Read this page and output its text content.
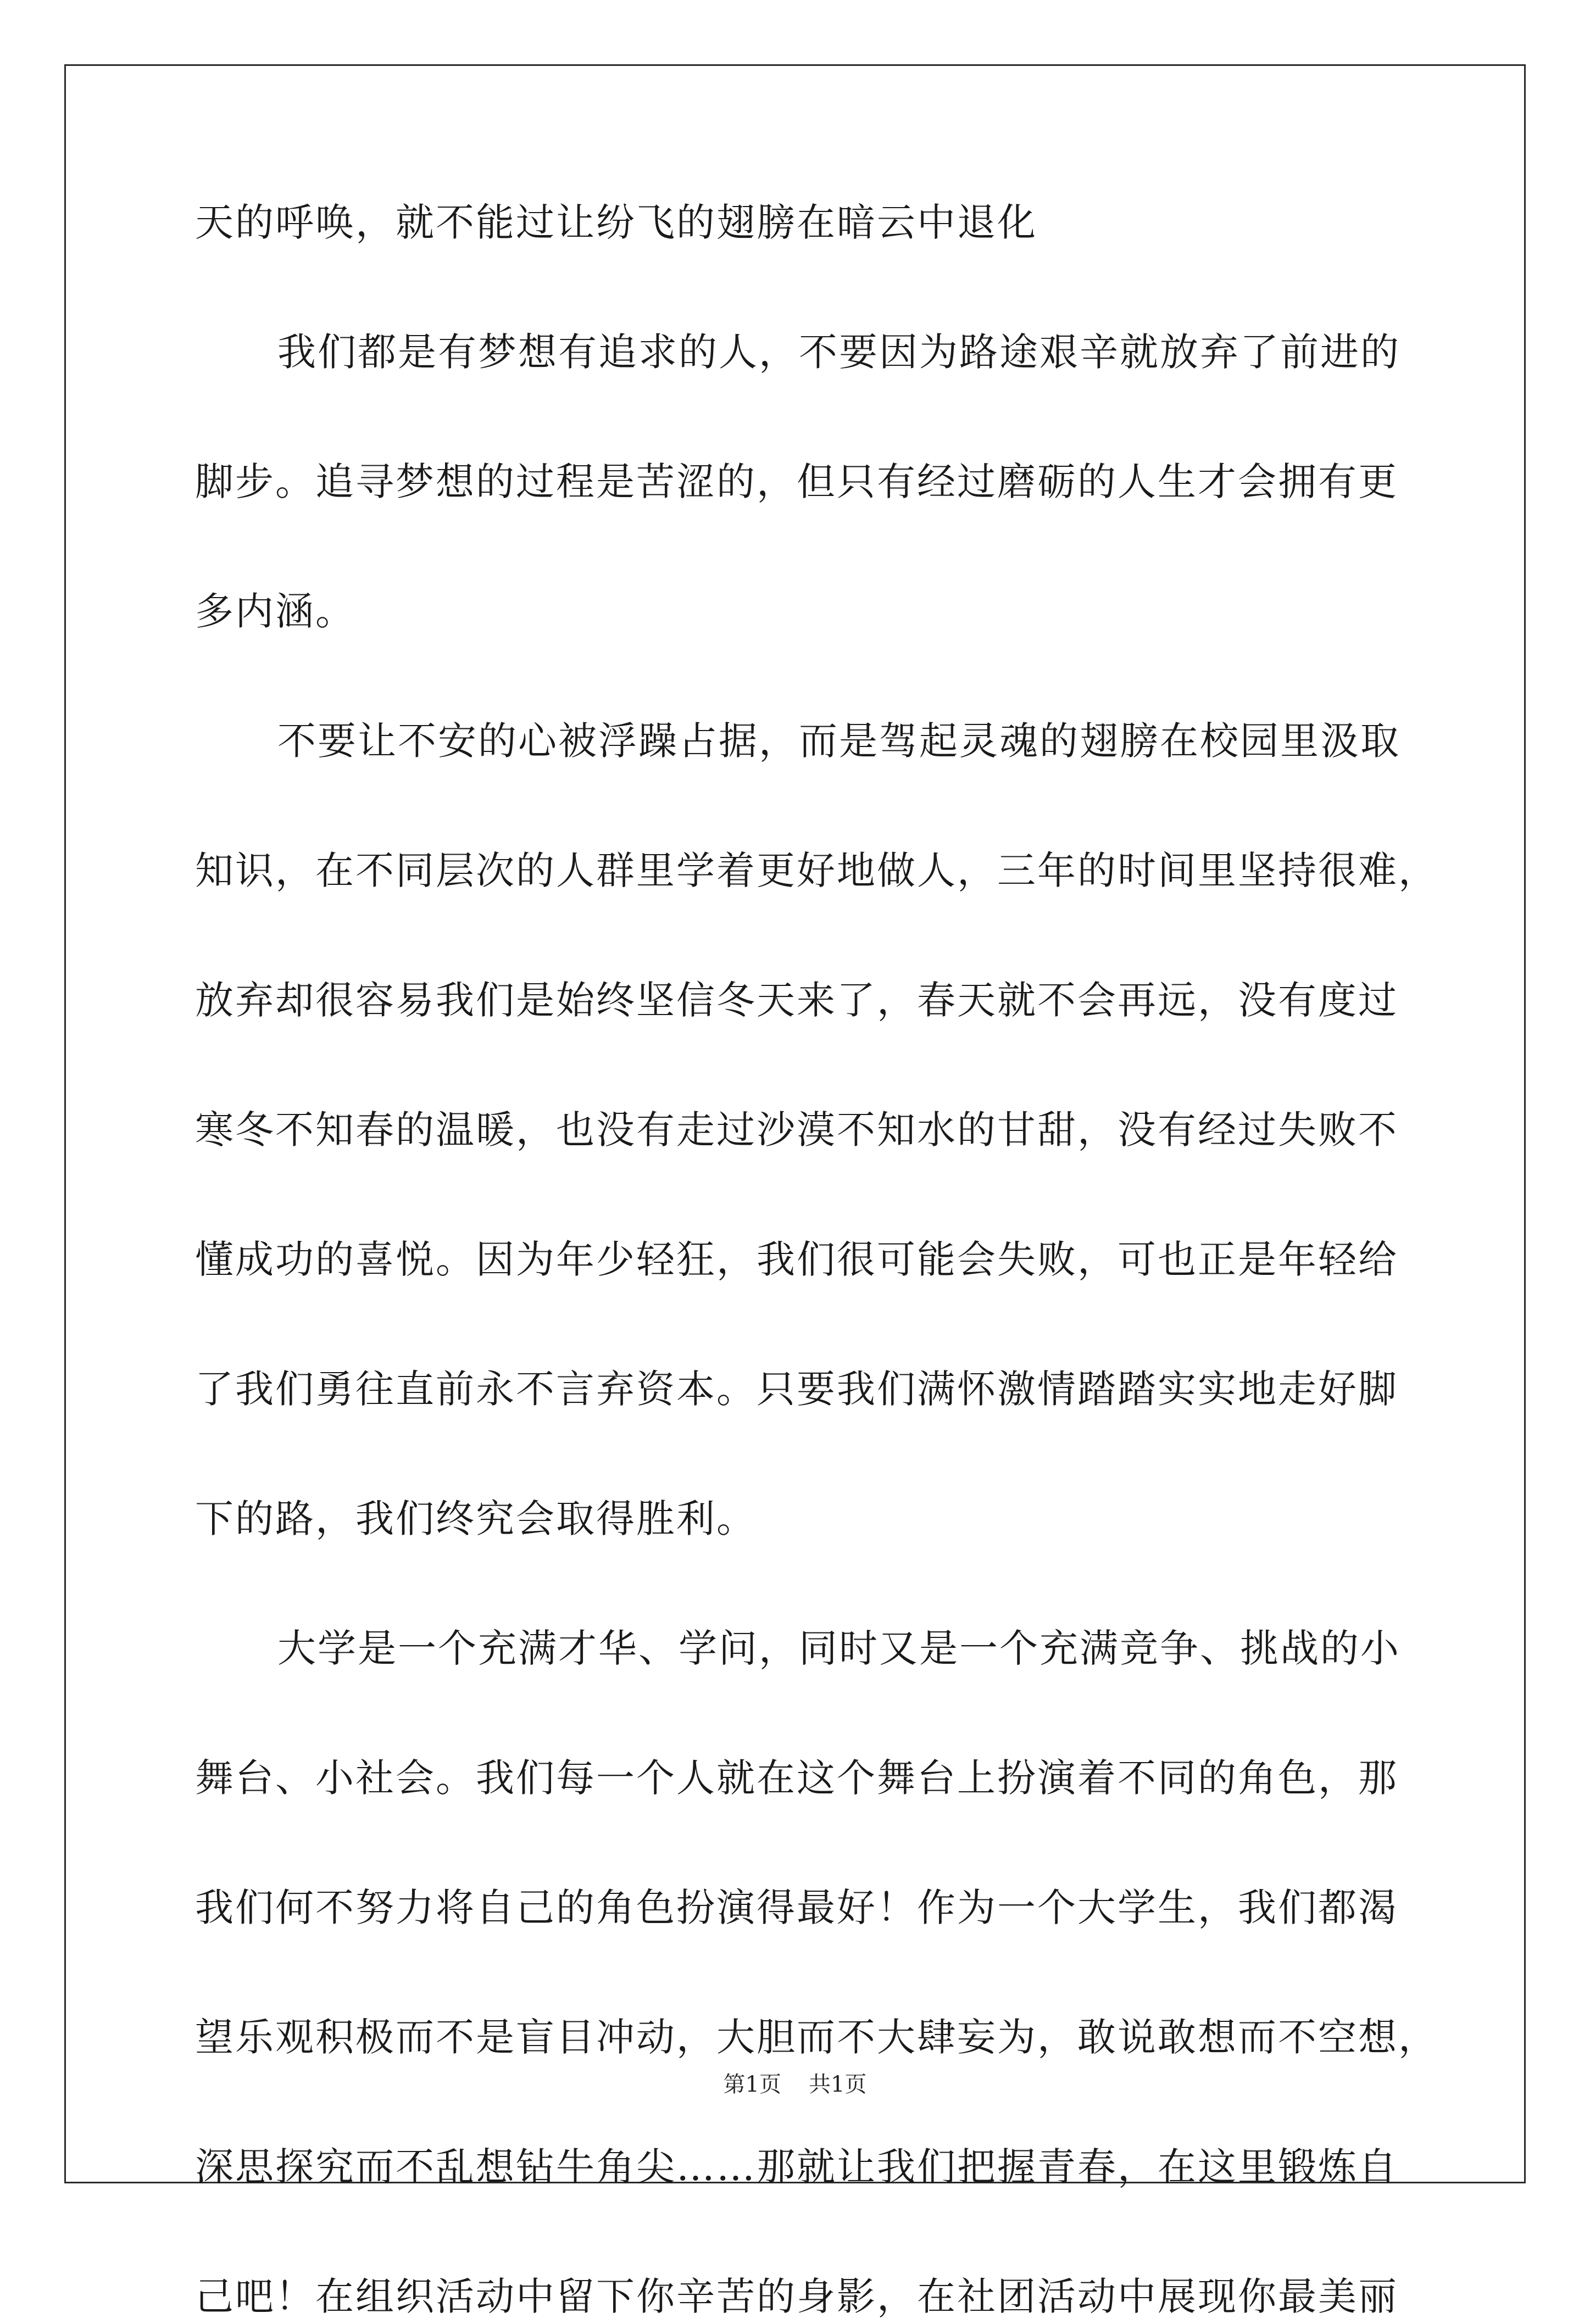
天的呼唤，就不能过让纷飞的翅膀在暗云中退化
我们都是有梦想有追求的人，不要因为路途艰辛就放弃了前进的
脚步。追寻梦想的过程是苦涩的，但只有经过磨砺的人生才会拥有更
多内涵。
不要让不安的心被浮躁占据，而是驾起灵魂的翅膀在校园里汲取
知识，在不同层次的人群里学着更好地做人，三年的时间里坚持很难，
放弃却很容易我们是始终坚信冬天来了，春天就不会再远，没有度过
寒冬不知春的温暖，也没有走过沙漠不知水的甘甜，没有经过失败不
懂成功的喜悦。因为年少轻狂，我们很可能会失败，可也正是年轻给
了我们勇往直前永不言弃资本。只要我们满怀激情踏踏实实地走好脚
下的路，我们终究会取得胜利。
大学是一个充满才华、学问，同时又是一个充满竞争、挑战的小
舞台、小社会。我们每一个人就在这个舞台上扮演着不同的角色，那
我们何不努力将自己的角色扮演得最好！作为一个大学生，我们都渴
望乐观积极而不是盲目冲动，大胆而不大肆妄为，敢说敢想而不空想，
深思探究而不乱想钻牛角尖……那就让我们把握青春，在这里锻炼自
己吧！在组织活动中留下你辛苦的身影，在社团活动中展现你最美丽
第1页 共1页
